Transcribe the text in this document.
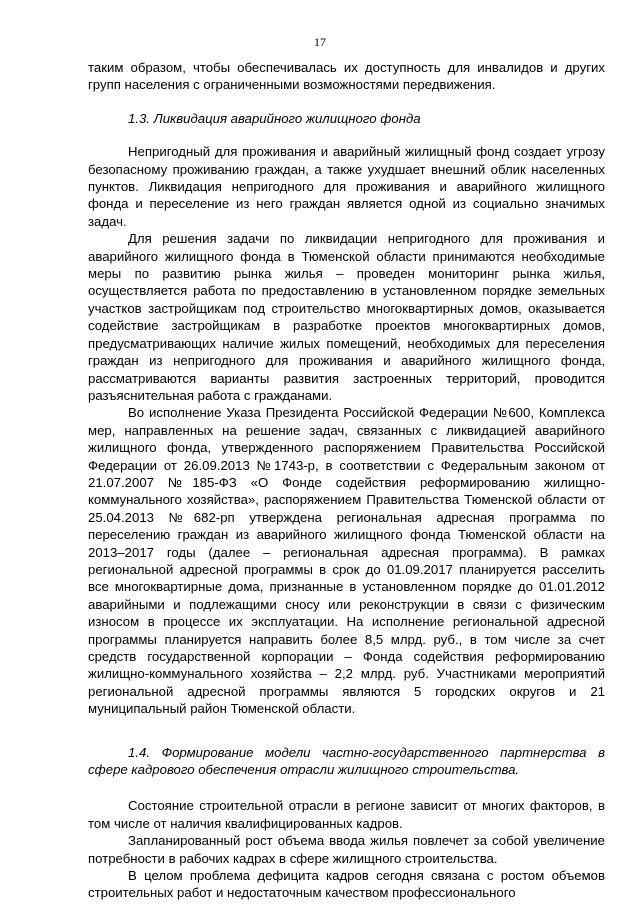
17

таким образом, чтобы обеспечивалась их доступность для инвалидов и других групп населения с ограниченными возможностями передвижения.

1.3. Ликвидация аварийного жилищного фонда

Непригодный для проживания и аварийный жилищный фонд создает угрозу безопасному проживанию граждан, а также ухудшает внешний облик населенных пунктов. Ликвидация непригодного для проживания и аварийного жилищного фонда и переселение из него граждан является одной из социально значимых задач.

Для решения задачи по ликвидации непригодного для проживания и аварийного жилищного фонда в Тюменской области принимаются необходимые меры по развитию рынка жилья – проведен мониторинг рынка жилья, осуществляется работа по предоставлению в установленном порядке земельных участков застройщикам под строительство многоквартирных домов, оказывается содействие застройщикам в разработке проектов многоквартирных домов, предусматривающих наличие жилых помещений, необходимых для переселения граждан из непригодного для проживания и аварийного жилищного фонда, рассматриваются варианты развития застроенных территорий, проводится разъяснительная работа с гражданами.

Во исполнение Указа Президента Российской Федерации №600, Комплекса мер, направленных на решение задач, связанных с ликвидацией аварийного жилищного фонда, утвержденного распоряжением Правительства Российской Федерации от 26.09.2013 №1743-р, в соответствии с Федеральным законом от 21.07.2007 №185-ФЗ «О Фонде содействия реформированию жилищно-коммунального хозяйства», распоряжением Правительства Тюменской области от 25.04.2013 №682-рп утверждена региональная адресная программа по переселению граждан из аварийного жилищного фонда Тюменской области на 2013–2017 годы (далее – региональная адресная программа). В рамках региональной адресной программы в срок до 01.09.2017 планируется расселить все многоквартирные дома, признанные в установленном порядке до 01.01.2012 аварийными и подлежащими сносу или реконструкции в связи с физическим износом в процессе их эксплуатации. На исполнение региональной адресной программы планируется направить более 8,5 млрд. руб., в том числе за счет средств государственной корпорации – Фонда содействия реформированию жилищно-коммунального хозяйства – 2,2 млрд. руб. Участниками мероприятий региональной адресной программы являются 5 городских округов и 21 муниципальный район Тюменской области.

1.4. Формирование модели частно-государственного партнерства в сфере кадрового обеспечения отрасли жилищного строительства.

Состояние строительной отрасли в регионе зависит от многих факторов, в том числе от наличия квалифицированных кадров.

Запланированный рост объема ввода жилья повлечет за собой увеличение потребности в рабочих кадрах в сфере жилищного строительства.

В целом проблема дефицита кадров сегодня связана с ростом объемов строительных работ и недостаточным качеством профессионального
